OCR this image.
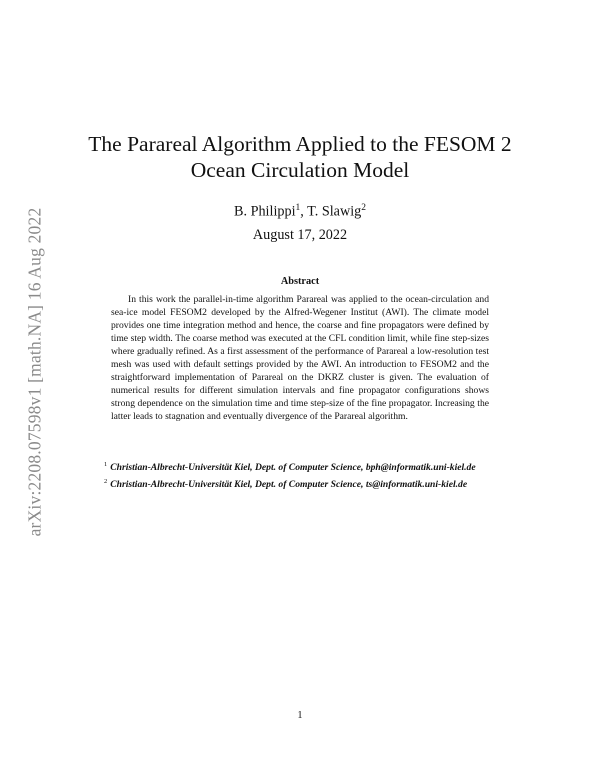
arXiv:2208.07598v1 [math.NA] 16 Aug 2022
The Parareal Algorithm Applied to the FESOM 2
Ocean Circulation Model
B. Philippi$^1$, T. Slawig$^2$
August 17, 2022
Abstract

In this work the parallel-in-time algorithm Parareal was applied to the ocean-circulation and sea-ice model FESOM2 developed by the Alfred-Wegener Institut (AWI). The climate model provides one time integration method and hence, the coarse and fine propagators were defined by time step width. The coarse method was executed at the CFL condition limit, while fine step-sizes where gradually refined. As a first assessment of the performance of Parareal a low-resolution test mesh was used with default settings provided by the AWI. An introduction to FESOM2 and the straightforward implementation of Parareal on the DKRZ cluster is given. The evaluation of numerical results for different simulation intervals and fine propagator configurations shows strong dependence on the simulation time and time step-size of the fine propagator. Increasing the latter leads to stagnation and eventually divergence of the Parareal algorithm.

$^1$ Christian-Albrecht-Universität Kiel, Dept. of Computer Science, bph@informatik.uni-kiel.de
$^2$ Christian-Albrecht-Universität Kiel, Dept. of Computer Science, ts@informatik.uni-kiel.de
1
